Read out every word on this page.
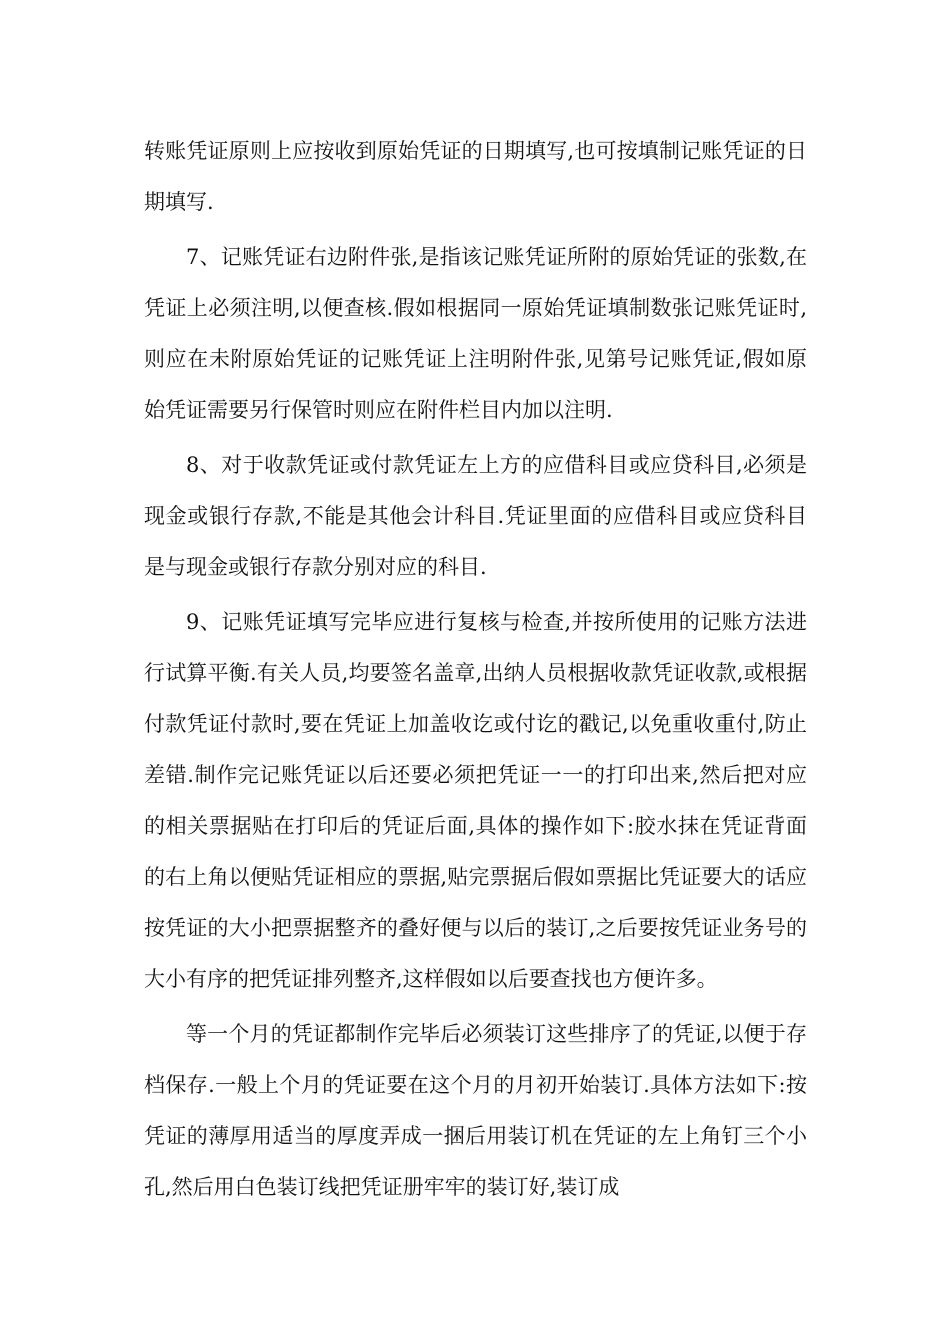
转账凭证原则上应按收到原始凭证的日期填写,也可按填制记账凭证的日期填写.

7、记账凭证右边附件张,是指该记账凭证所附的原始凭证的张数,在凭证上必须注明,以便查核.假如根据同一原始凭证填制数张记账凭证时,则应在未附原始凭证的记账凭证上注明附件张,见第号记账凭证,假如原始凭证需要另行保管时则应在附件栏目内加以注明.

8、对于收款凭证或付款凭证左上方的应借科目或应贷科目,必须是现金或银行存款,不能是其他会计科目.凭证里面的应借科目或应贷科目是与现金或银行存款分别对应的科目.

9、记账凭证填写完毕应进行复核与检查,并按所使用的记账方法进行试算平衡.有关人员,均要签名盖章,出纳人员根据收款凭证收款,或根据付款凭证付款时,要在凭证上加盖收讫或付讫的戳记,以免重收重付,防止差错.制作完记账凭证以后还要必须把凭证一一的打印出来,然后把对应的相关票据贴在打印后的凭证后面,具体的操作如下:胶水抹在凭证背面的右上角以便贴凭证相应的票据,贴完票据后假如票据比凭证要大的话应按凭证的大小把票据整齐的叠好便与以后的装订,之后要按凭证业务号的大小有序的把凭证排列整齐,这样假如以后要查找也方便许多。

等一个月的凭证都制作完毕后必须装订这些排序了的凭证,以便于存档保存.一般上个月的凭证要在这个月的月初开始装订.具体方法如下:按凭证的薄厚用适当的厚度弄成一捆后用装订机在凭证的左上角钉三个小孔,然后用白色装订线把凭证册牢牢的装订好,装订成
